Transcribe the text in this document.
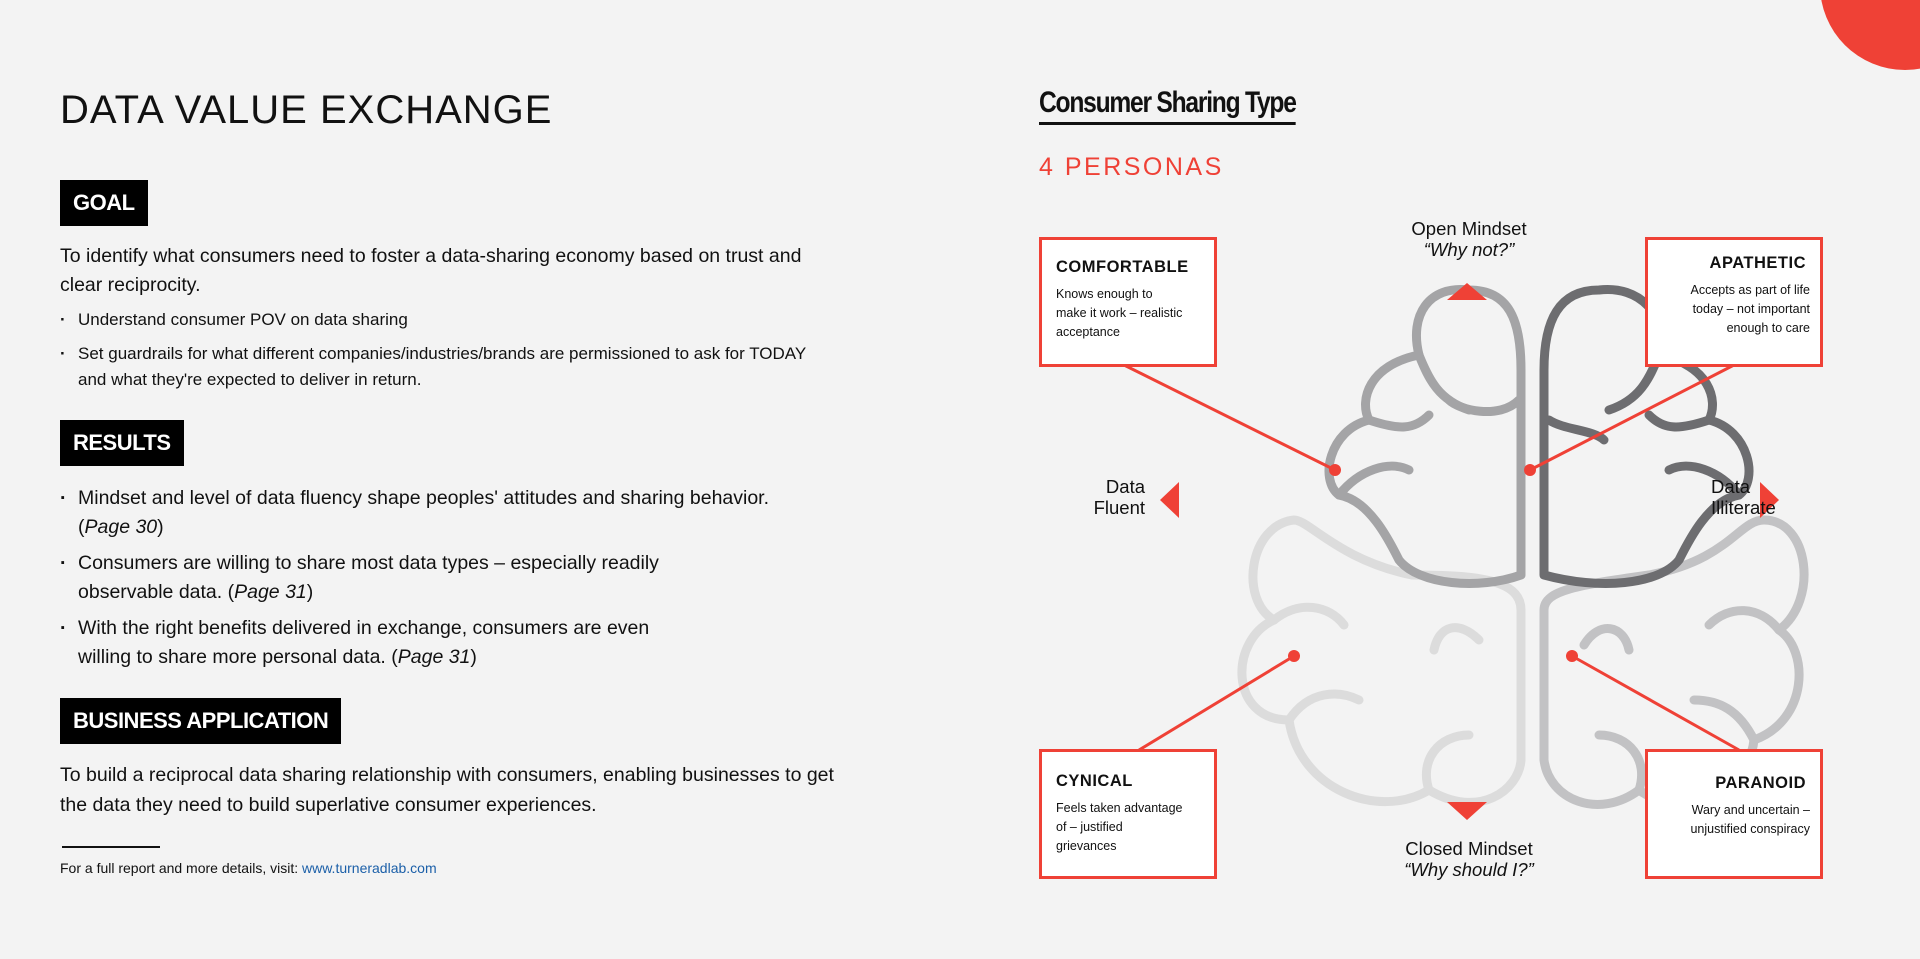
DATA VALUE EXCHANGE
GOAL

To identify what consumers need to foster a data-sharing economy based on trust and clear reciprocity.

· Understand consumer POV on data sharing
· Set guardrails for what different companies/industries/brands are permissioned to ask for TODAY and what they're expected to deliver in return.
RESULTS
· Mindset and level of data fluency shape peoples' attitudes and sharing behavior. (Page 30)
· Consumers are willing to share most data types – especially readily observable data. (Page 31)
· With the right benefits delivered in exchange, consumers are even willing to share more personal data. (Page 31)
BUSINESS APPLICATION

To build a reciprocal data sharing relationship with consumers, enabling businesses to get the data they need to build superlative consumer experiences.

For a full report and more details, visit: www.turneradlab.com

Consumer Sharing Type
4 PERSONAS
Open Mindset
“Why not?”
Closed Mindset
“Why should I?”
Data
Fluent
Data
Illiterate
COMFORTABLE
Knows enough to make it work – realistic acceptance
APATHETIC
Accepts as part of life today – not important enough to care
CYNICAL
Feels taken advantage of – justified grievances
PARANOID
Wary and uncertain – unjustified conspiracy
